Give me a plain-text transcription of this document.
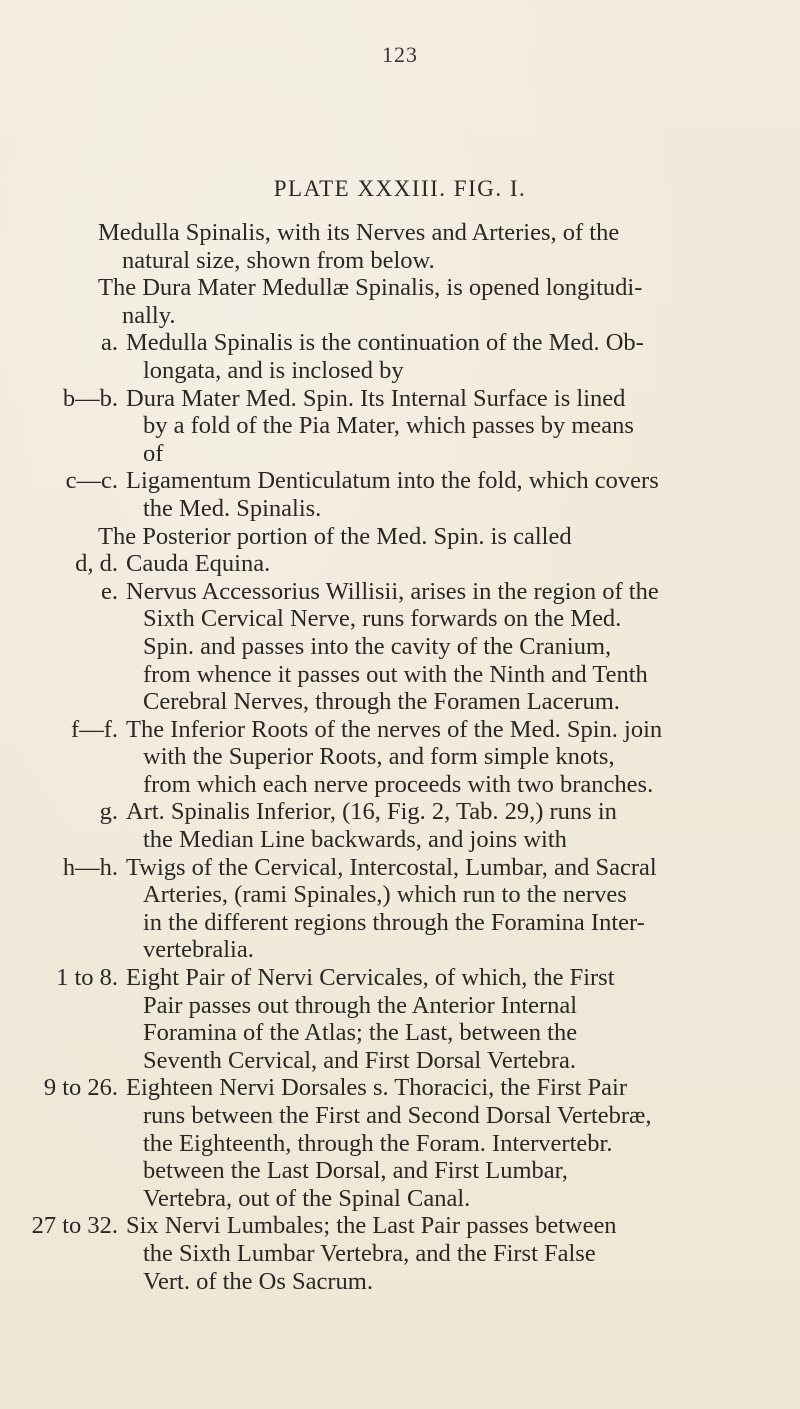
123
PLATE XXXIII. FIG. I.
Medulla Spinalis, with its Nerves and Arteries, of the
natural size, shown from below.
The Dura Mater Medullæ Spinalis, is opened longitudi-
nally.
a. Medulla Spinalis is the continuation of the Med. Ob-
longata, and is inclosed by
b—b. Dura Mater Med. Spin. Its Internal Surface is lined
by a fold of the Pia Mater, which passes by means
of
c—c. Ligamentum Denticulatum into the fold, which covers
the Med. Spinalis.
The Posterior portion of the Med. Spin. is called
d, d. Cauda Equina.
e. Nervus Accessorius Willisii, arises in the region of the
Sixth Cervical Nerve, runs forwards on the Med.
Spin. and passes into the cavity of the Cranium,
from whence it passes out with the Ninth and Tenth
Cerebral Nerves, through the Foramen Lacerum.
f—f. The Inferior Roots of the nerves of the Med. Spin. join
with the Superior Roots, and form simple knots,
from which each nerve proceeds with two branches.
g. Art. Spinalis Inferior, (16, Fig. 2, Tab. 29,) runs in
the Median Line backwards, and joins with
h—h. Twigs of the Cervical, Intercostal, Lumbar, and Sacral
Arteries, (rami Spinales,) which run to the nerves
in the different regions through the Foramina Inter-
vertebralia.
1 to 8. Eight Pair of Nervi Cervicales, of which, the First
Pair passes out through the Anterior Internal
Foramina of the Atlas; the Last, between the
Seventh Cervical, and First Dorsal Vertebra.
9 to 26. Eighteen Nervi Dorsales s. Thoracici, the First Pair
runs between the First and Second Dorsal Vertebræ,
the Eighteenth, through the Foram. Intervertebr.
between the Last Dorsal, and First Lumbar,
Vertebra, out of the Spinal Canal.
27 to 32. Six Nervi Lumbales; the Last Pair passes between
the Sixth Lumbar Vertebra, and the First False
Vert. of the Os Sacrum.
